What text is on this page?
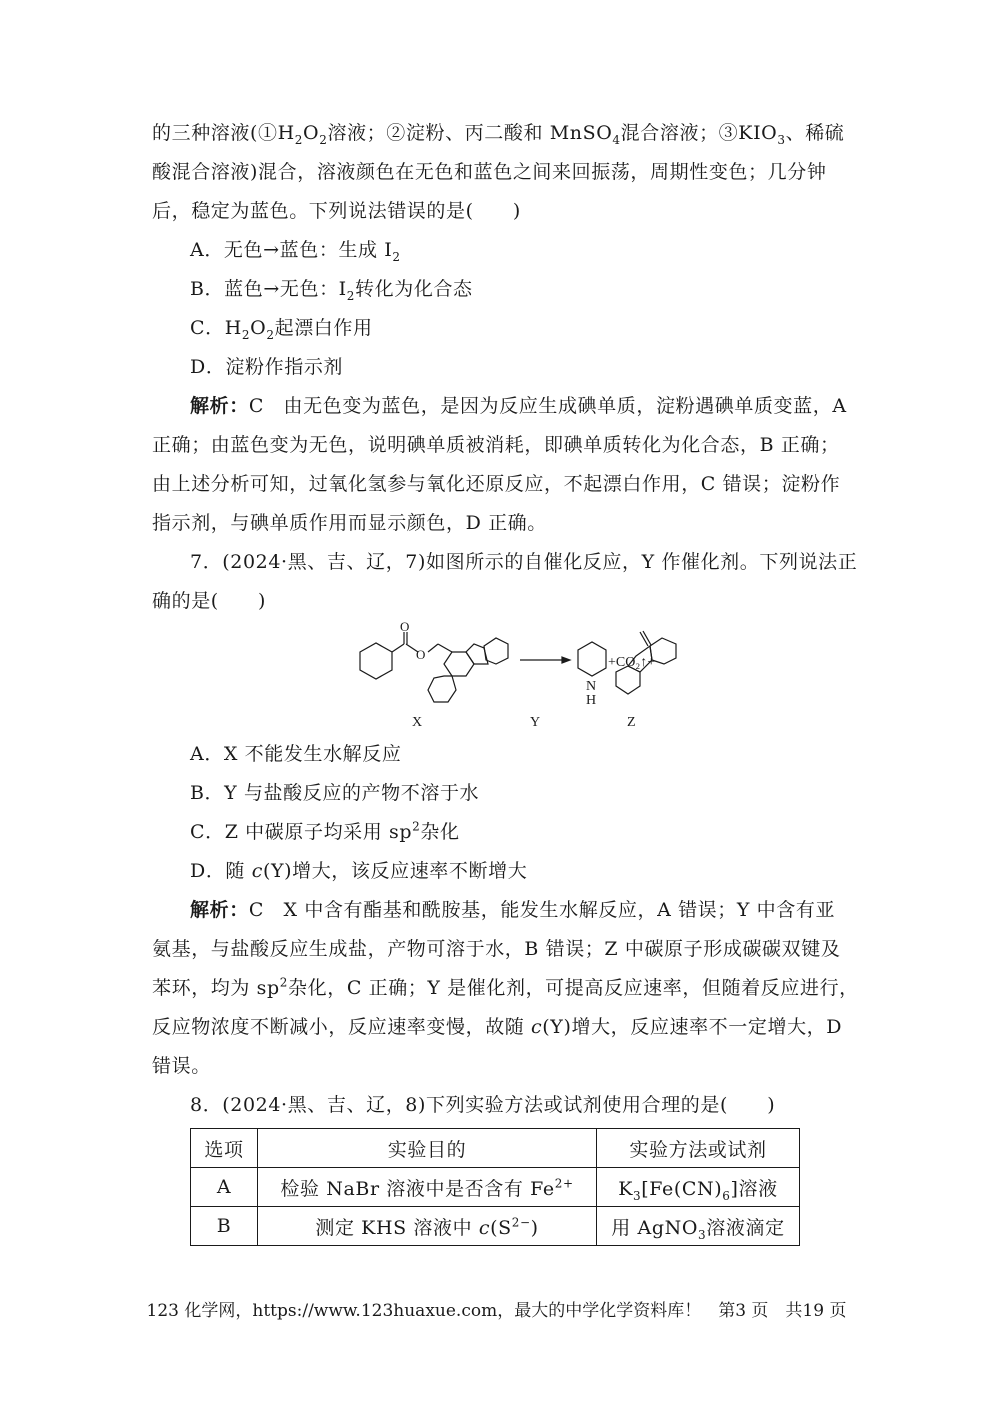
的三种溶液($①H_2O_2$溶液；②淀粉、丙二酸和 MnSO$_4$混合溶液；$③KIO_3$、稀硫
酸混合溶液)混合，溶液颜色在无色和蓝色之间来回振荡，周期性变色；几分钟
后，稳定为蓝色。下列说法错误的是(　　)
A．无色→蓝色：生成 $I_2$
B．蓝色→无色：$I_2$转化为化合态
C．$H_2O_2$起漂白作用
D．淀粉作指示剂
解析：C　由无色变为蓝色，是因为反应生成碘单质，淀粉遇碘单质变蓝，A
正确；由蓝色变为无色，说明碘单质被消耗，即碘单质转化为化合态，B 正确；
由上述分析可知，过氧化氢参与氧化还原反应，不起漂白作用，C 错误；淀粉作
指示剂，与碘单质作用而显示颜色，D 正确。
7．(2024·黑、吉、辽，7)如图所示的自催化反应，Y 作催化剂。下列说法正
确的是(　　)
O
O
N
H
+CO₂↑+
X	Y	Z
A．X 不能发生水解反应
B．Y 与盐酸反应的产物不溶于水
C．Z 中碳原子均采用 $sp^2$杂化
D．随 c(Y)增大，该反应速率不断增大
解析：C　X 中含有酯基和酰胺基，能发生水解反应，A 错误；Y 中含有亚
氨基，与盐酸反应生成盐，产物可溶于水，B 错误；Z 中碳原子形成碳碳双键及
苯环，均为 $sp^2$杂化，C 正确；Y 是催化剂，可提高反应速率，但随着反应进行，
反应物浓度不断减小，反应速率变慢，故随 c(Y)增大，反应速率不一定增大，D
错误。
8．(2024·黑、吉、辽，8)下列实验方法或试剂使用合理的是(　　)
选项	实验目的	实验方法或试剂
A	检验 NaBr 溶液中是否含有 $Fe^{2+}$	$K_3[Fe(CN)_6]$溶液
B	测定 KHS 溶液中 $c(S^{2-})$	用 AgNO$_3$溶液滴定
123 化学网，https://www.123huaxue.com，最大的中学化学资料库！　第3 页　共19 页
